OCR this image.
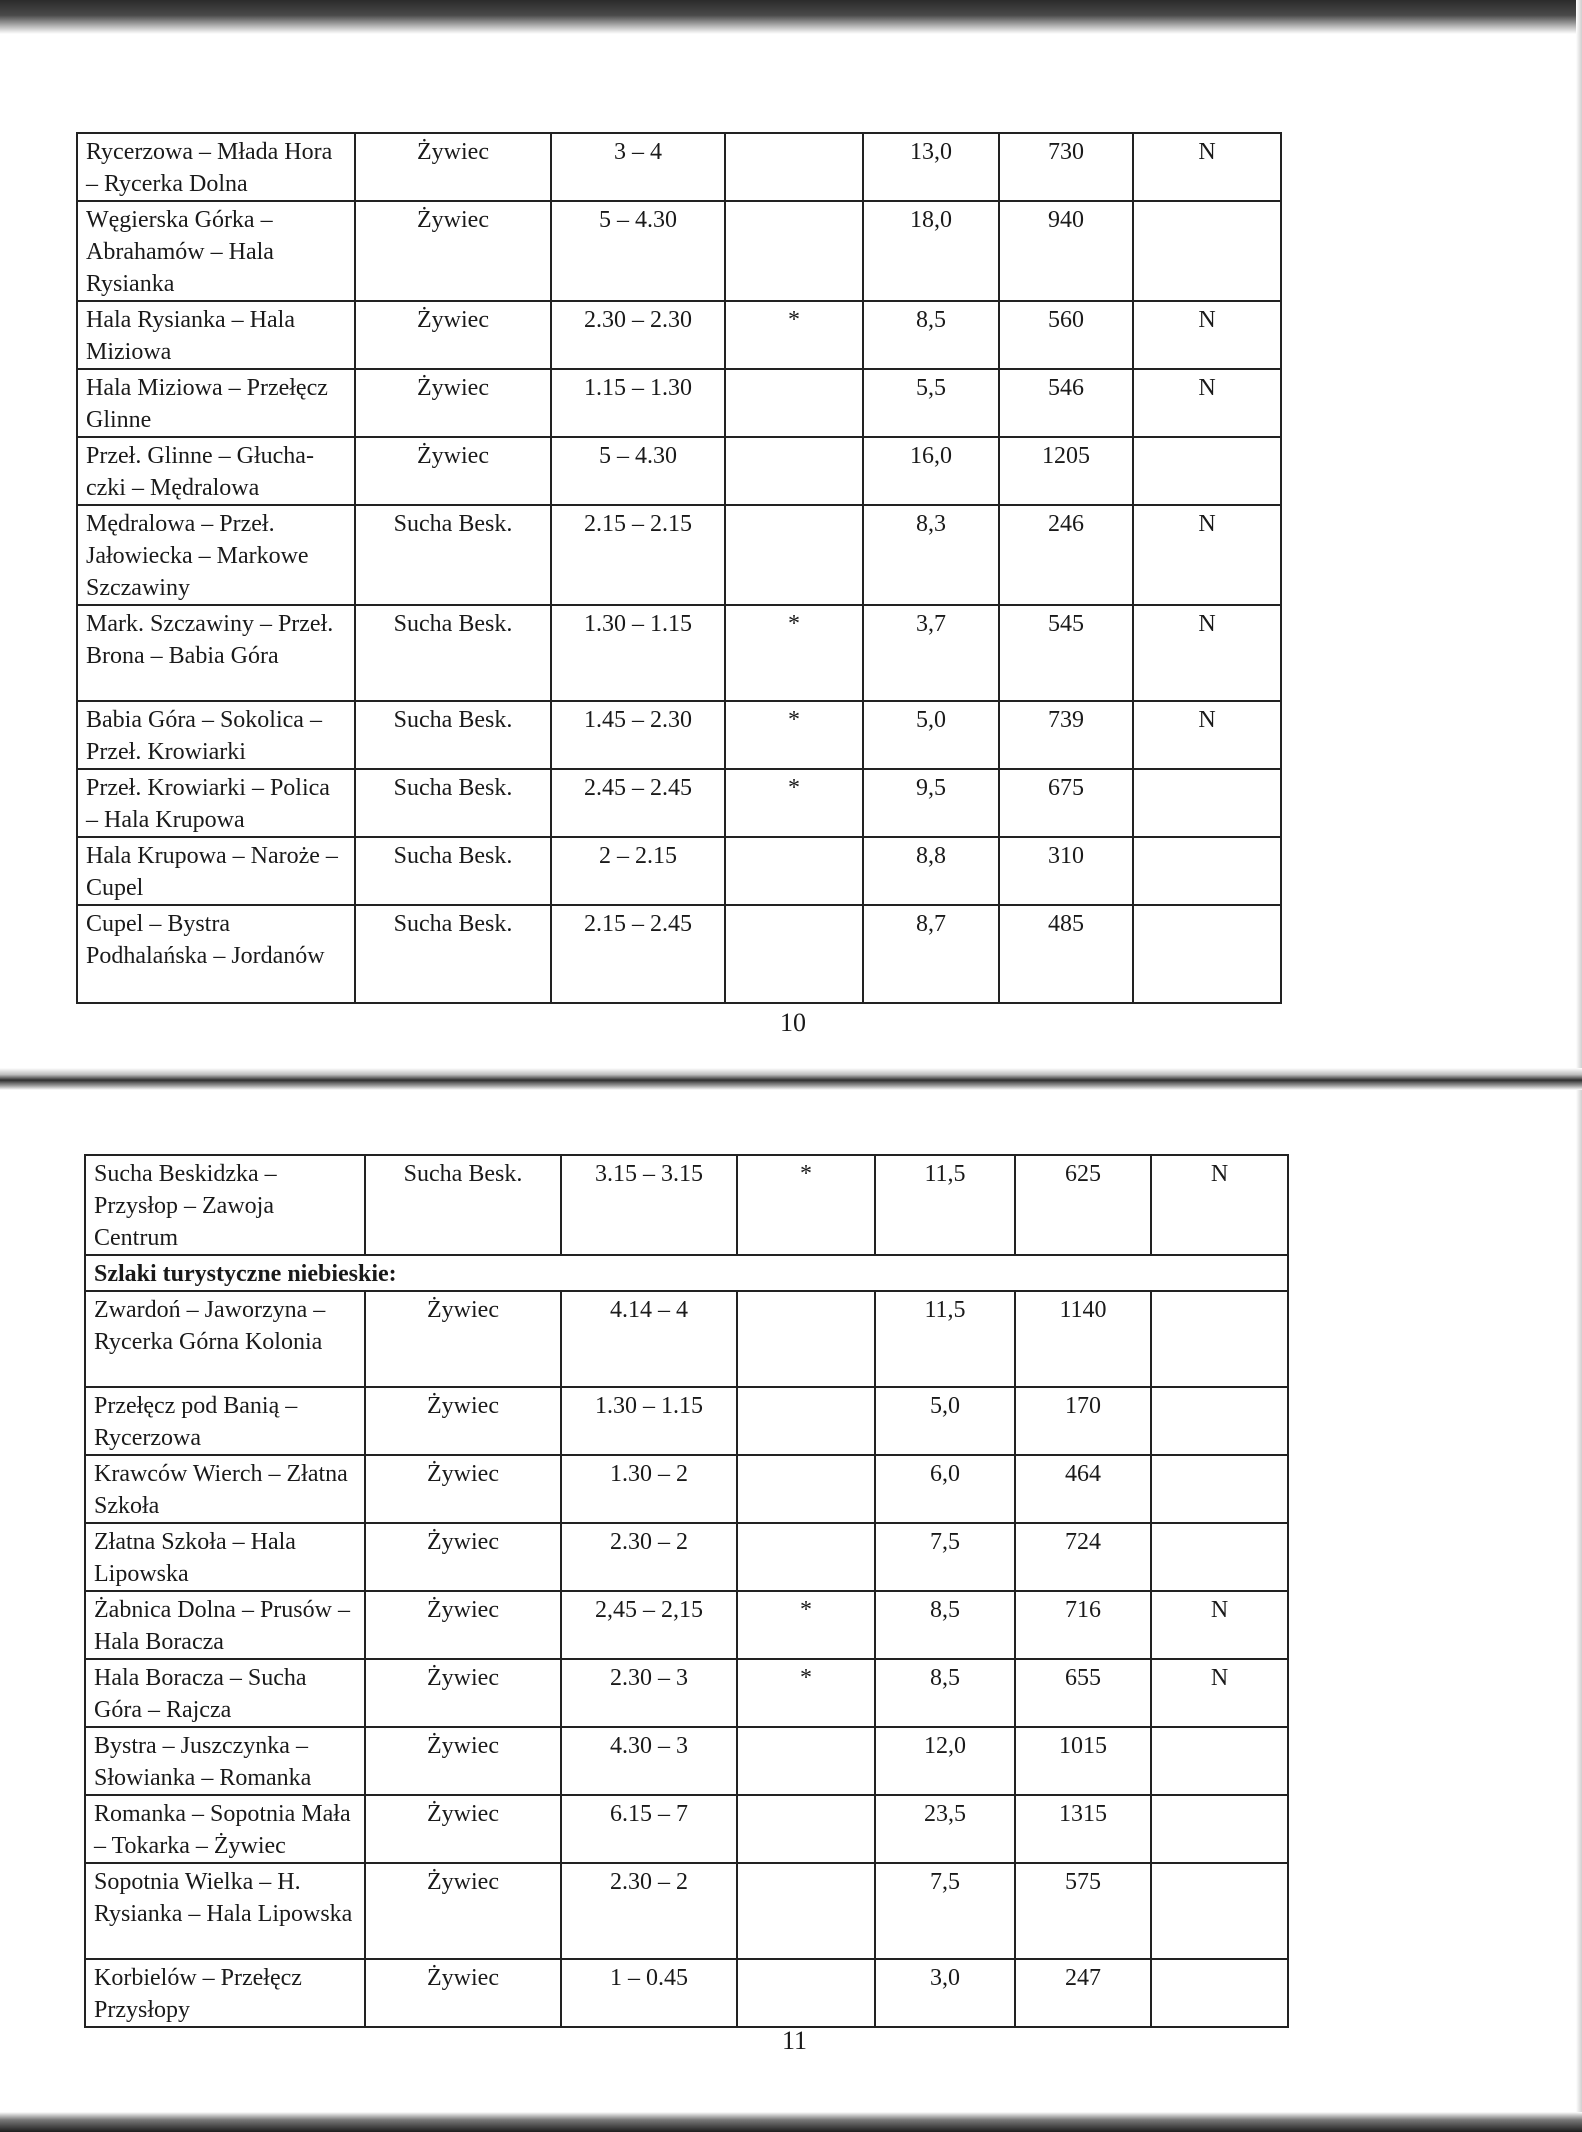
Rycerzowa – Młada Hora – Rycerka Dolna	Żywiec	3 – 4		13,0	730	N
Węgierska Górka – Abrahamów – Hala Rysianka	Żywiec	5 – 4.30		18,0	940	
Hala Rysianka – Hala Miziowa	Żywiec	2.30 – 2.30	*	8,5	560	N
Hala Miziowa – Przełęcz Glinne	Żywiec	1.15 – 1.30		5,5	546	N
Przeł. Glinne – Głucha-czki – Mędralowa	Żywiec	5 – 4.30		16,0	1205	
Mędralowa – Przeł. Jałowiecka – Markowe Szczawiny	Sucha Besk.	2.15 – 2.15		8,3	246	N
Mark. Szczawiny – Przeł. Brona – Babia Góra	Sucha Besk.	1.30 – 1.15	*	3,7	545	N
Babia Góra – Sokolica –Przeł. Krowiarki	Sucha Besk.	1.45 – 2.30	*	5,0	739	N
Przeł. Krowiarki – Polica – Hala Krupowa	Sucha Besk.	2.45 – 2.45	*	9,5	675	
Hala Krupowa – Naroże – Cupel	Sucha Besk.	2 – 2.15		8,8	310	
Cupel – Bystra Podhalańska – Jordanów	Sucha Besk.	2.15 – 2.45		8,7	485	
10
Sucha Beskidzka – Przysłop – Zawoja Centrum	Sucha Besk.	3.15 – 3.15	*	11,5	625	N
Szlaki turystyczne niebieskie:						
Zwardoń – Jaworzyna – Rycerka Górna Kolonia	Żywiec	4.14 – 4		11,5	1140	
Przełęcz pod Banią – Rycerzowa	Żywiec	1.30 – 1.15		5,0	170	
Krawców Wierch – Złatna Szkoła	Żywiec	1.30 – 2		6,0	464	
Złatna Szkoła – Hala Lipowska	Żywiec	2.30 – 2		7,5	724	
Żabnica Dolna – Prusów – Hala Boracza	Żywiec	2,45 – 2,15	*	8,5	716	N
Hala Boracza – Sucha Góra – Rajcza	Żywiec	2.30 – 3	*	8,5	655	N
Bystra – Juszczynka – Słowianka – Romanka	Żywiec	4.30 – 3		12,0	1015	
Romanka – Sopotnia Mała – Tokarka – Żywiec	Żywiec	6.15 – 7		23,5	1315	
Sopotnia Wielka – H. Rysianka – Hala Lipowska	Żywiec	2.30 – 2		7,5	575	
Korbielów – Przełęcz Przysłopy	Żywiec	1 – 0.45		3,0	247	
11
